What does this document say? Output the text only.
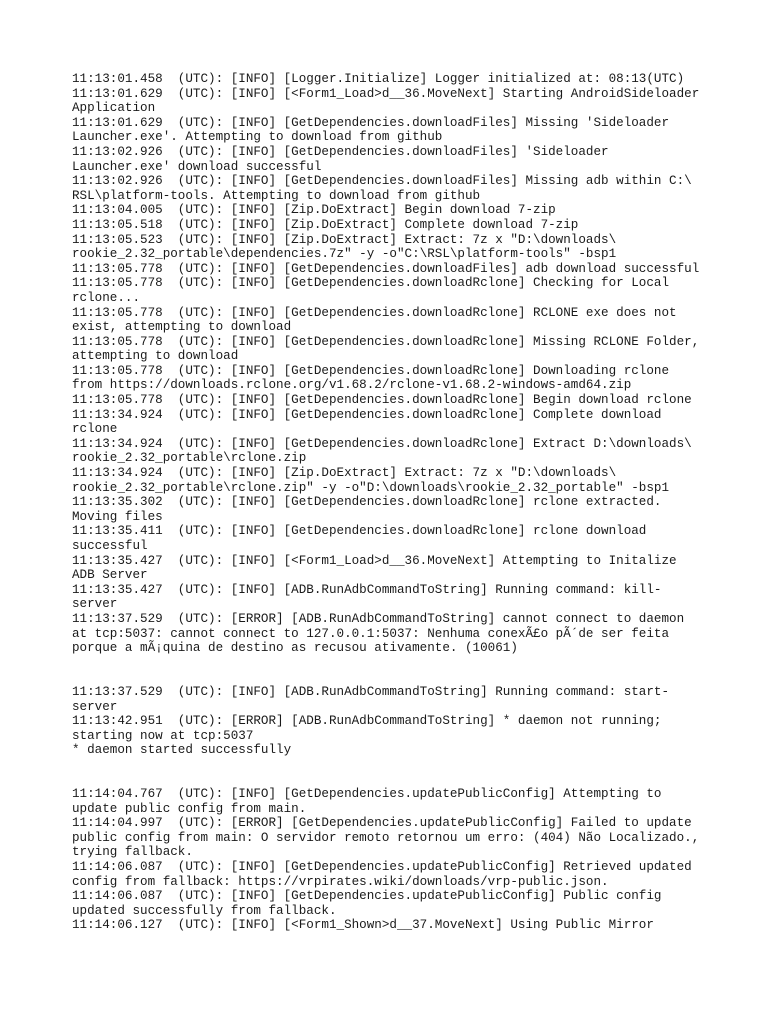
11:13:01.458  (UTC): [INFO] [Logger.Initialize] Logger initialized at: 08:13(UTC)
11:13:01.629  (UTC): [INFO] [<Form1_Load>d__36.MoveNext] Starting AndroidSideloader
Application
11:13:01.629  (UTC): [INFO] [GetDependencies.downloadFiles] Missing 'Sideloader
Launcher.exe'. Attempting to download from github
11:13:02.926  (UTC): [INFO] [GetDependencies.downloadFiles] 'Sideloader
Launcher.exe' download successful
11:13:02.926  (UTC): [INFO] [GetDependencies.downloadFiles] Missing adb within C:\
RSL\platform-tools. Attempting to download from github
11:13:04.005  (UTC): [INFO] [Zip.DoExtract] Begin download 7-zip
11:13:05.518  (UTC): [INFO] [Zip.DoExtract] Complete download 7-zip
11:13:05.523  (UTC): [INFO] [Zip.DoExtract] Extract: 7z x "D:\downloads\
rookie_2.32_portable\dependencies.7z" -y -o"C:\RSL\platform-tools" -bsp1
11:13:05.778  (UTC): [INFO] [GetDependencies.downloadFiles] adb download successful
11:13:05.778  (UTC): [INFO] [GetDependencies.downloadRclone] Checking for Local
rclone...
11:13:05.778  (UTC): [INFO] [GetDependencies.downloadRclone] RCLONE exe does not
exist, attempting to download
11:13:05.778  (UTC): [INFO] [GetDependencies.downloadRclone] Missing RCLONE Folder,
attempting to download
11:13:05.778  (UTC): [INFO] [GetDependencies.downloadRclone] Downloading rclone
from https://downloads.rclone.org/v1.68.2/rclone-v1.68.2-windows-amd64.zip
11:13:05.778  (UTC): [INFO] [GetDependencies.downloadRclone] Begin download rclone
11:13:34.924  (UTC): [INFO] [GetDependencies.downloadRclone] Complete download
rclone
11:13:34.924  (UTC): [INFO] [GetDependencies.downloadRclone] Extract D:\downloads\
rookie_2.32_portable\rclone.zip
11:13:34.924  (UTC): [INFO] [Zip.DoExtract] Extract: 7z x "D:\downloads\
rookie_2.32_portable\rclone.zip" -y -o"D:\downloads\rookie_2.32_portable" -bsp1
11:13:35.302  (UTC): [INFO] [GetDependencies.downloadRclone] rclone extracted.
Moving files
11:13:35.411  (UTC): [INFO] [GetDependencies.downloadRclone] rclone download
successful
11:13:35.427  (UTC): [INFO] [<Form1_Load>d__36.MoveNext] Attempting to Initalize
ADB Server
11:13:35.427  (UTC): [INFO] [ADB.RunAdbCommandToString] Running command: kill-
server
11:13:37.529  (UTC): [ERROR] [ADB.RunAdbCommandToString] cannot connect to daemon
at tcp:5037: cannot connect to 127.0.0.1:5037: Nenhuma conexÃ£o pÃ´de ser feita
porque a mÃ¡quina de destino as recusou ativamente. (10061)
11:13:37.529  (UTC): [INFO] [ADB.RunAdbCommandToString] Running command: start-
server
11:13:42.951  (UTC): [ERROR] [ADB.RunAdbCommandToString] * daemon not running;
starting now at tcp:5037
* daemon started successfully
11:14:04.767  (UTC): [INFO] [GetDependencies.updatePublicConfig] Attempting to
update public config from main.
11:14:04.997  (UTC): [ERROR] [GetDependencies.updatePublicConfig] Failed to update
public config from main: O servidor remoto retornou um erro: (404) Não Localizado.,
trying fallback.
11:14:06.087  (UTC): [INFO] [GetDependencies.updatePublicConfig] Retrieved updated
config from fallback: https://vrpirates.wiki/downloads/vrp-public.json.
11:14:06.087  (UTC): [INFO] [GetDependencies.updatePublicConfig] Public config
updated successfully from fallback.
11:14:06.127  (UTC): [INFO] [<Form1_Shown>d__37.MoveNext] Using Public Mirror
